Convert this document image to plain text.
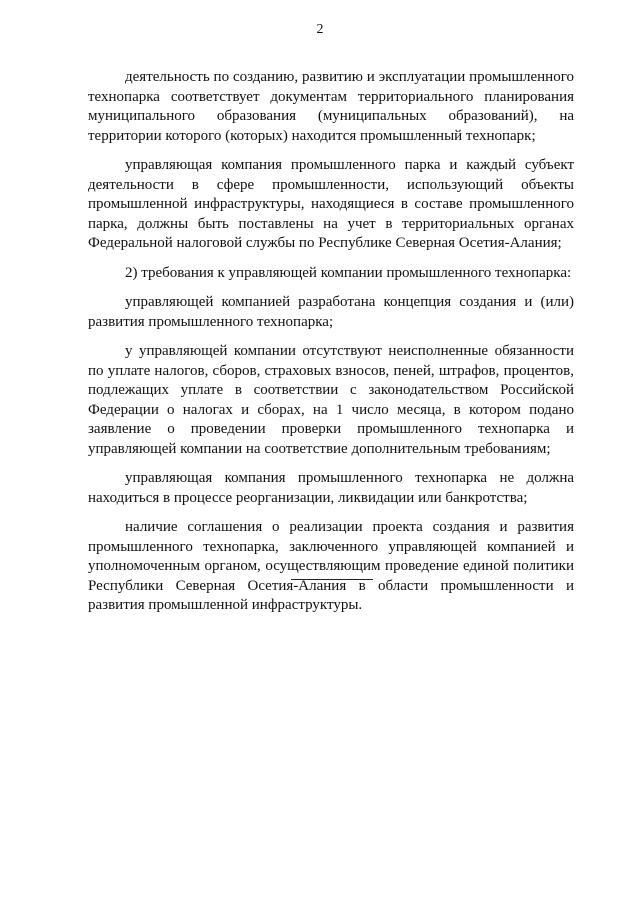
2

деятельность по созданию, развитию и эксплуатации промышленного технопарка соответствует документам территориального планирования муниципального образования (муниципальных образований), на территории которого (которых) находится промышленный технопарк;

управляющая компания промышленного парка и каждый субъект деятельности в сфере промышленности, использующий объекты промышленной инфраструктуры, находящиеся в составе промышленного парка, должны быть поставлены на учет в территориальных органах Федеральной налоговой службы по Республике Северная Осетия-Алания;

2) требования к управляющей компании промышленного технопарка:

управляющей компанией разработана концепция создания и (или) развития промышленного технопарка;

у управляющей компании отсутствуют неисполненные обязанности по уплате налогов, сборов, страховых взносов, пеней, штрафов, процентов, подлежащих уплате в соответствии с законодательством Российской Федерации о налогах и сборах, на 1 число месяца, в котором подано заявление о проведении проверки промышленного технопарка и управляющей компании на соответствие дополнительным требованиям;

управляющая компания промышленного технопарка не должна находиться в процессе реорганизации, ликвидации или банкротства;

наличие соглашения о реализации проекта создания и развития промышленного технопарка, заключенного управляющей компанией и уполномоченным органом, осуществляющим проведение единой политики Республики Северная Осетия-Алания в области промышленности и развития промышленной инфраструктуры.
